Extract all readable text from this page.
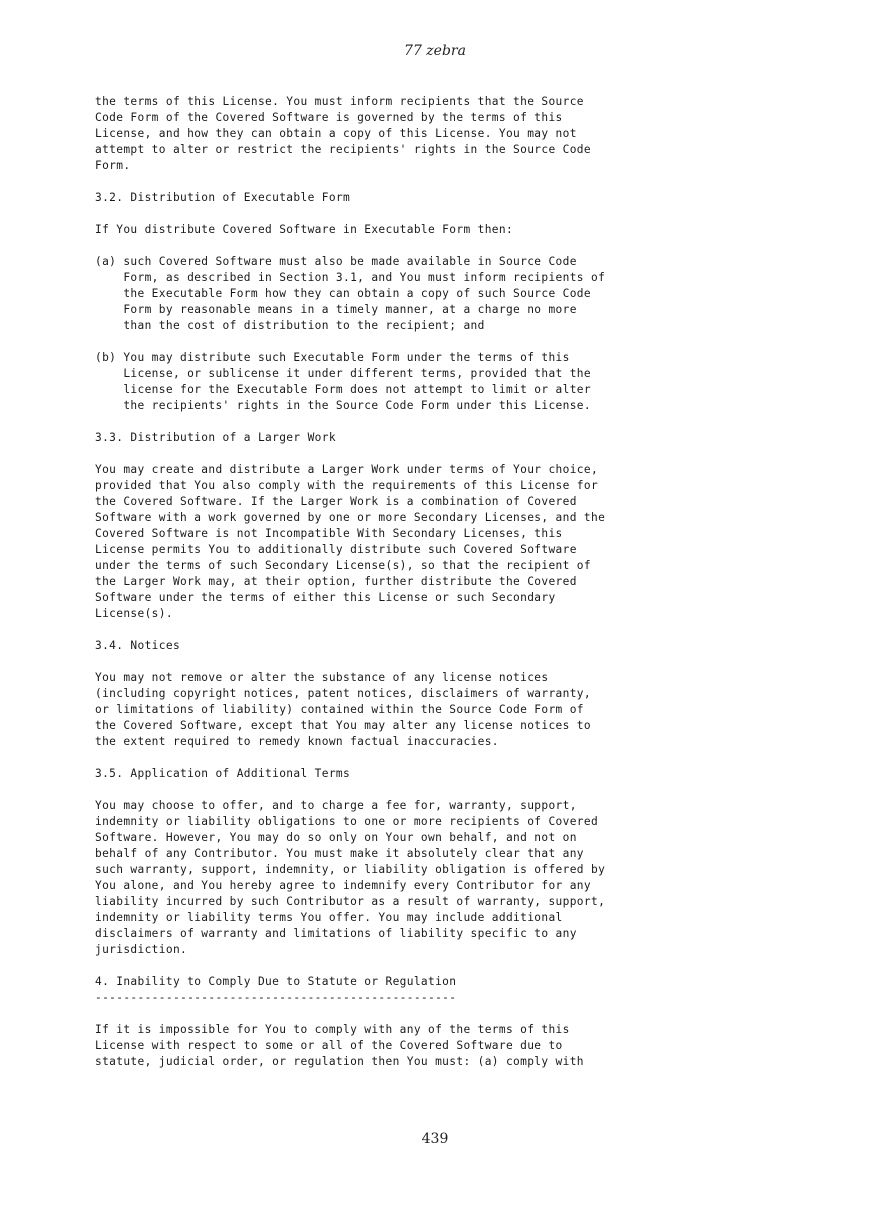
77 zebra
the terms of this License. You must inform recipients that the Source
Code Form of the Covered Software is governed by the terms of this
License, and how they can obtain a copy of this License. You may not
attempt to alter or restrict the recipients' rights in the Source Code
Form.
3.2. Distribution of Executable Form
If You distribute Covered Software in Executable Form then:
(a) such Covered Software must also be made available in Source Code
Form, as described in Section 3.1, and You must inform recipients of
the Executable Form how they can obtain a copy of such Source Code
Form by reasonable means in a timely manner, at a charge no more
than the cost of distribution to the recipient; and
(b) You may distribute such Executable Form under the terms of this
License, or sublicense it under different terms, provided that the
license for the Executable Form does not attempt to limit or alter
the recipients' rights in the Source Code Form under this License.
3.3. Distribution of a Larger Work
You may create and distribute a Larger Work under terms of Your choice,
provided that You also comply with the requirements of this License for
the Covered Software. If the Larger Work is a combination of Covered
Software with a work governed by one or more Secondary Licenses, and the
Covered Software is not Incompatible With Secondary Licenses, this
License permits You to additionally distribute such Covered Software
under the terms of such Secondary License(s), so that the recipient of
the Larger Work may, at their option, further distribute the Covered
Software under the terms of either this License or such Secondary
License(s).
3.4. Notices
You may not remove or alter the substance of any license notices
(including copyright notices, patent notices, disclaimers of warranty,
or limitations of liability) contained within the Source Code Form of
the Covered Software, except that You may alter any license notices to
the extent required to remedy known factual inaccuracies.
3.5. Application of Additional Terms
You may choose to offer, and to charge a fee for, warranty, support,
indemnity or liability obligations to one or more recipients of Covered
Software. However, You may do so only on Your own behalf, and not on
behalf of any Contributor. You must make it absolutely clear that any
such warranty, support, indemnity, or liability obligation is offered by
You alone, and You hereby agree to indemnify every Contributor for any
liability incurred by such Contributor as a result of warranty, support,
indemnity or liability terms You offer. You may include additional
disclaimers of warranty and limitations of liability specific to any
jurisdiction.
4. Inability to Comply Due to Statute or Regulation
---------------------------------------------------
If it is impossible for You to comply with any of the terms of this
License with respect to some or all of the Covered Software due to
statute, judicial order, or regulation then You must: (a) comply with
439
